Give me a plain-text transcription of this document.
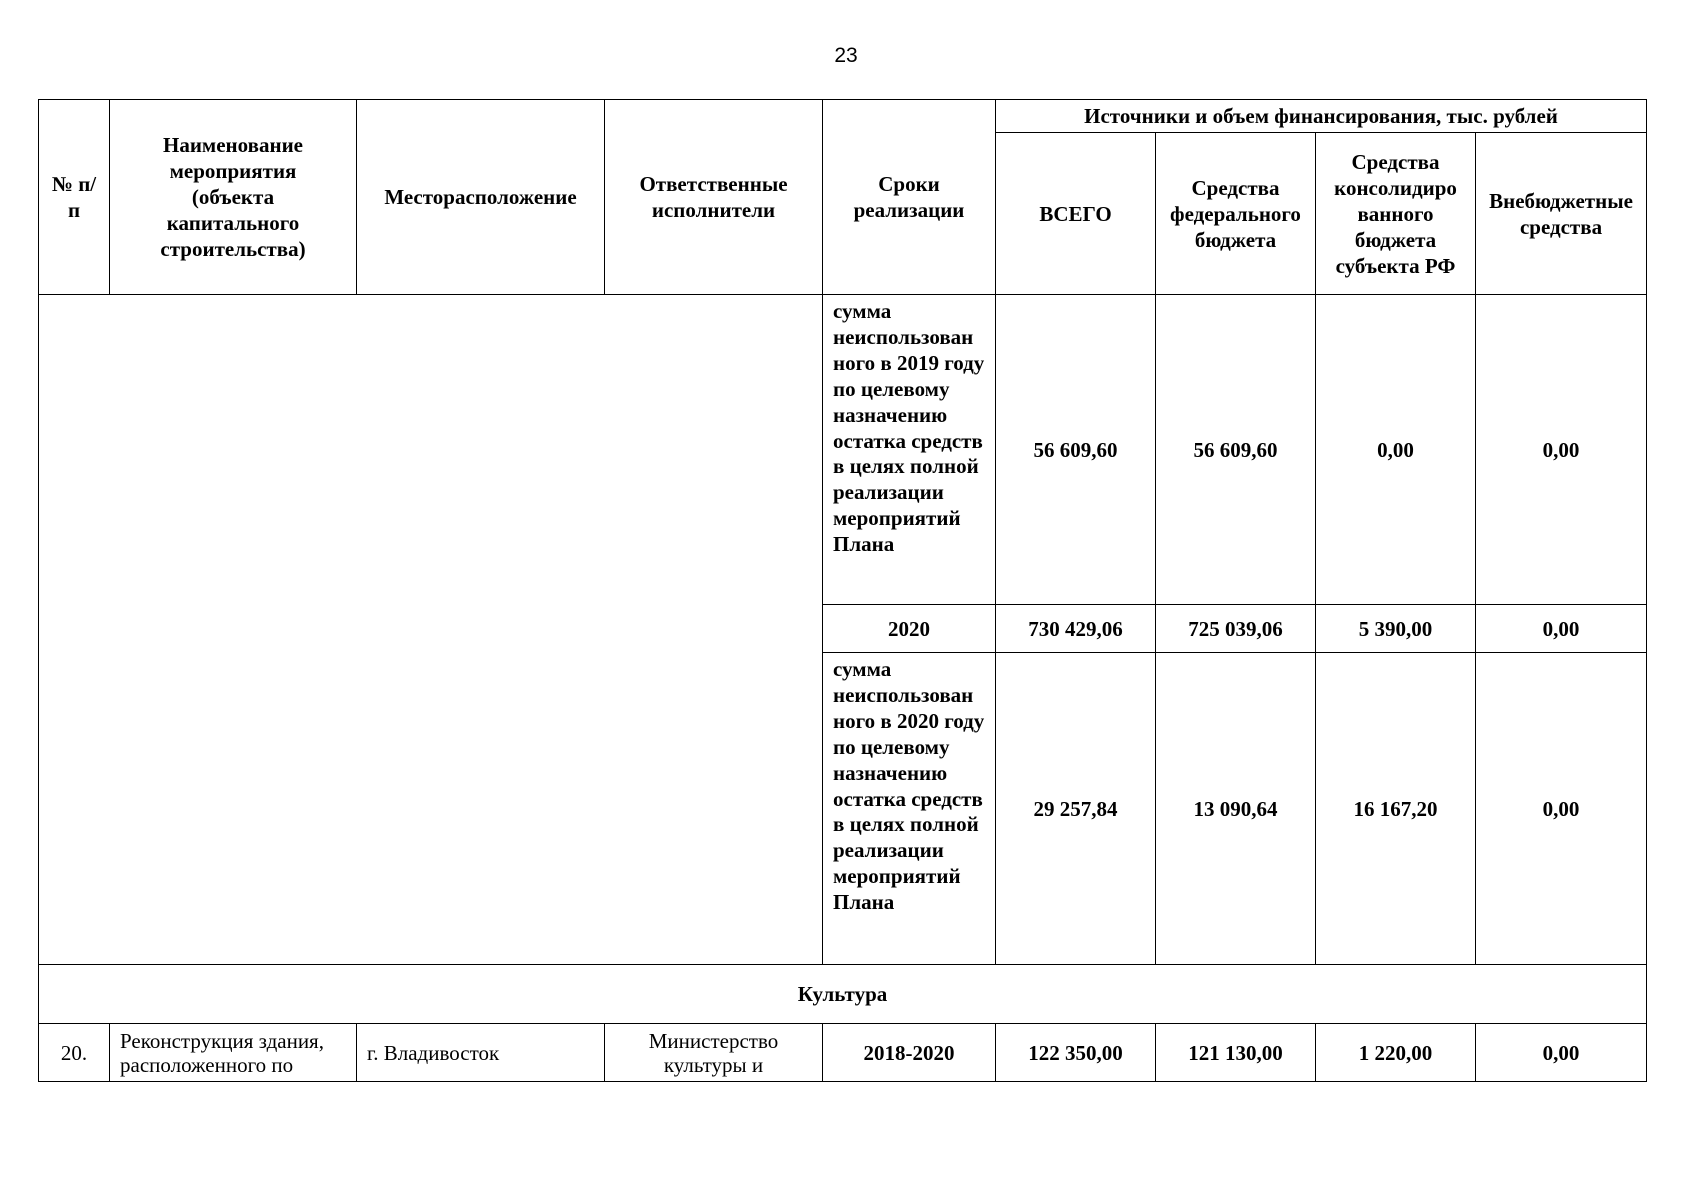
23
№ п/п	Наименование мероприятия (объекта капитального строительства)	Месторасположение	Ответственные исполнители	Сроки реализации	Источники и объем финансирования, тыс. рублей			
					ВСЕГО	Средства федерального бюджета	Средства консолидиро ванного бюджета субъекта РФ	Внебюджетные средства
				сумма неиспользован ного в 2019 году по целевому назначению остатка средств в целях полной реализации мероприятий Плана	56 609,60	56 609,60	0,00	0,00
				2020	730 429,06	725 039,06	5 390,00	0,00
				сумма неиспользован ного в 2020 году по целевому назначению остатка средств в целях полной реализации мероприятий Плана	29 257,84	13 090,64	16 167,20	0,00
Культура								
20.	Реконструкция здания, расположенного по	г. Владивосток	Министерство культуры и	2018-2020	122 350,00	121 130,00	1 220,00	0,00
